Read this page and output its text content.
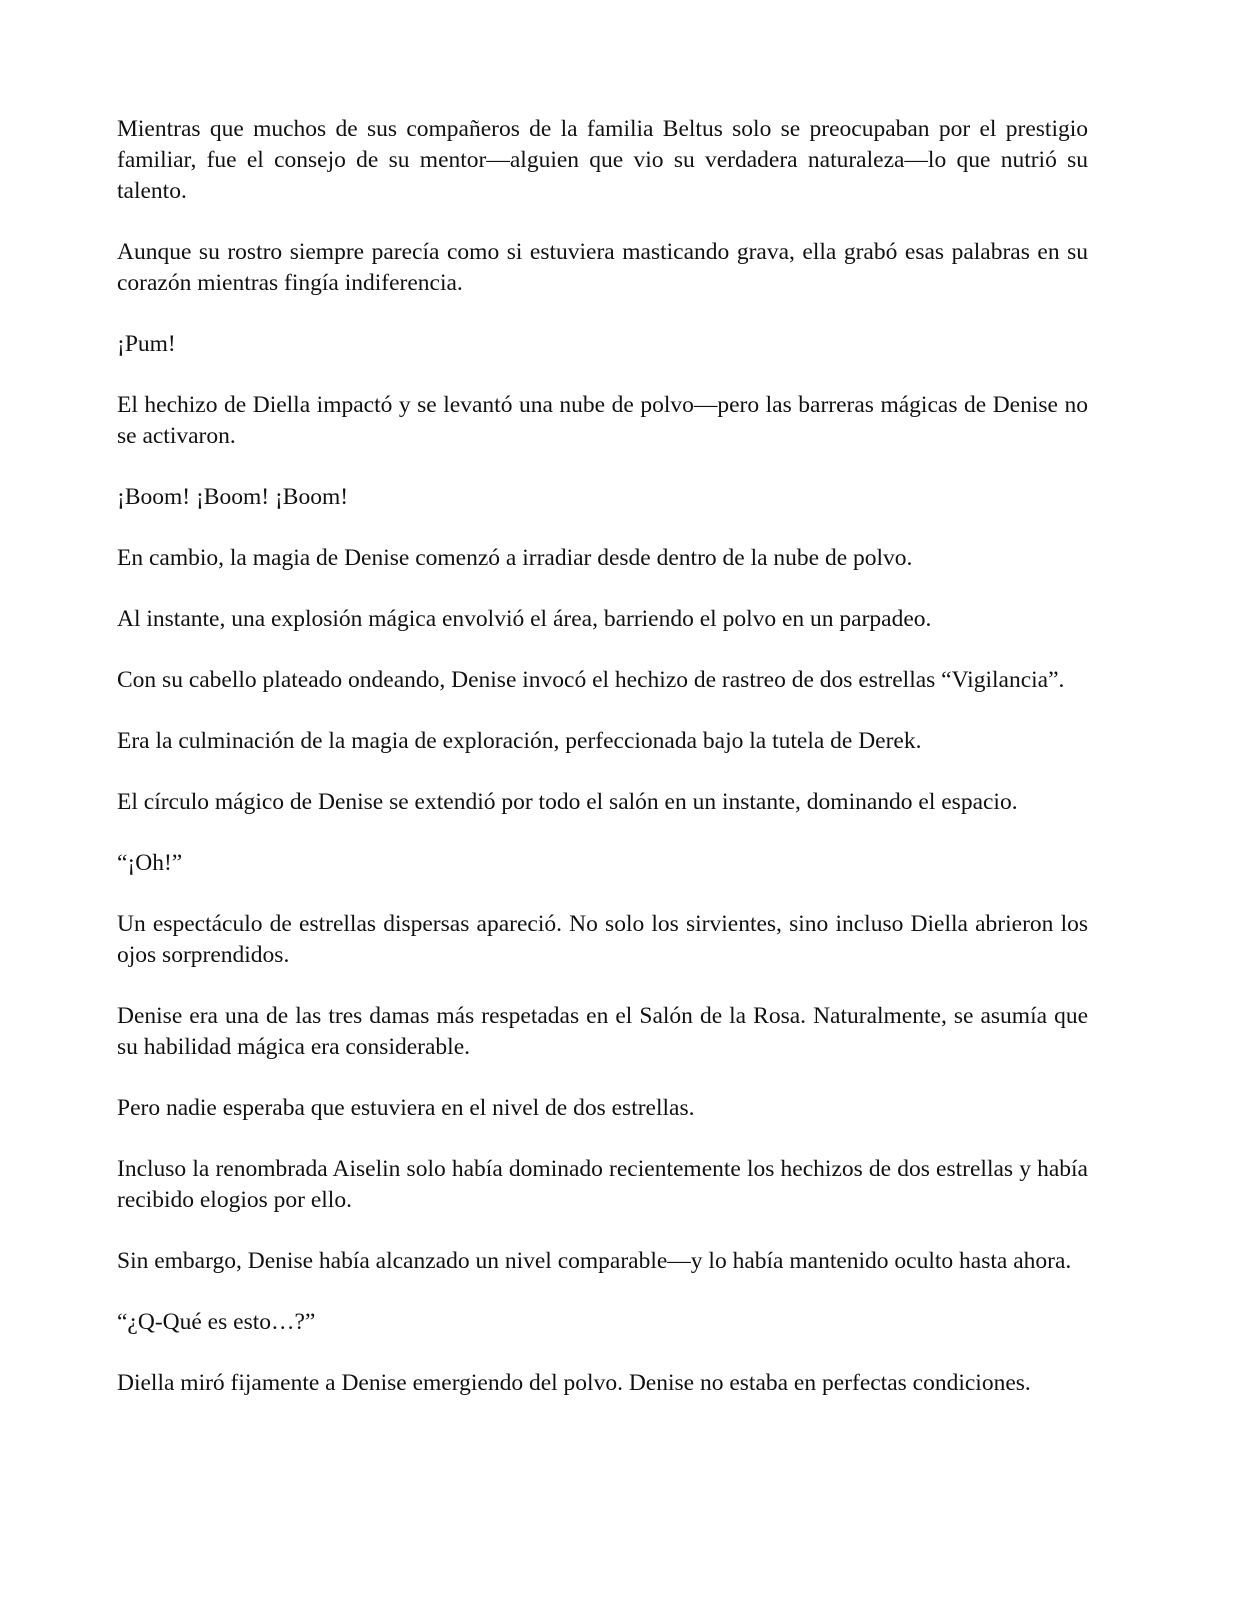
Mientras que muchos de sus compañeros de la familia Beltus solo se preocupaban por el prestigio familiar, fue el consejo de su mentor—alguien que vio su verdadera naturaleza—lo que nutrió su talento.

Aunque su rostro siempre parecía como si estuviera masticando grava, ella grabó esas palabras en su corazón mientras fingía indiferencia.

¡Pum!

El hechizo de Diella impactó y se levantó una nube de polvo—pero las barreras mágicas de Denise no se activaron.

¡Boom! ¡Boom! ¡Boom!

En cambio, la magia de Denise comenzó a irradiar desde dentro de la nube de polvo.

Al instante, una explosión mágica envolvió el área, barriendo el polvo en un parpadeo.

Con su cabello plateado ondeando, Denise invocó el hechizo de rastreo de dos estrellas “Vigilancia”.

Era la culminación de la magia de exploración, perfeccionada bajo la tutela de Derek.

El círculo mágico de Denise se extendió por todo el salón en un instante, dominando el espacio.

“¡Oh!”

Un espectáculo de estrellas dispersas apareció. No solo los sirvientes, sino incluso Diella abrieron los ojos sorprendidos.

Denise era una de las tres damas más respetadas en el Salón de la Rosa. Naturalmente, se asumía que su habilidad mágica era considerable.

Pero nadie esperaba que estuviera en el nivel de dos estrellas.

Incluso la renombrada Aiselin solo había dominado recientemente los hechizos de dos estrellas y había recibido elogios por ello.

Sin embargo, Denise había alcanzado un nivel comparable—y lo había mantenido oculto hasta ahora.

“¿Q-Qué es esto…?”

Diella miró fijamente a Denise emergiendo del polvo. Denise no estaba en perfectas condiciones.
